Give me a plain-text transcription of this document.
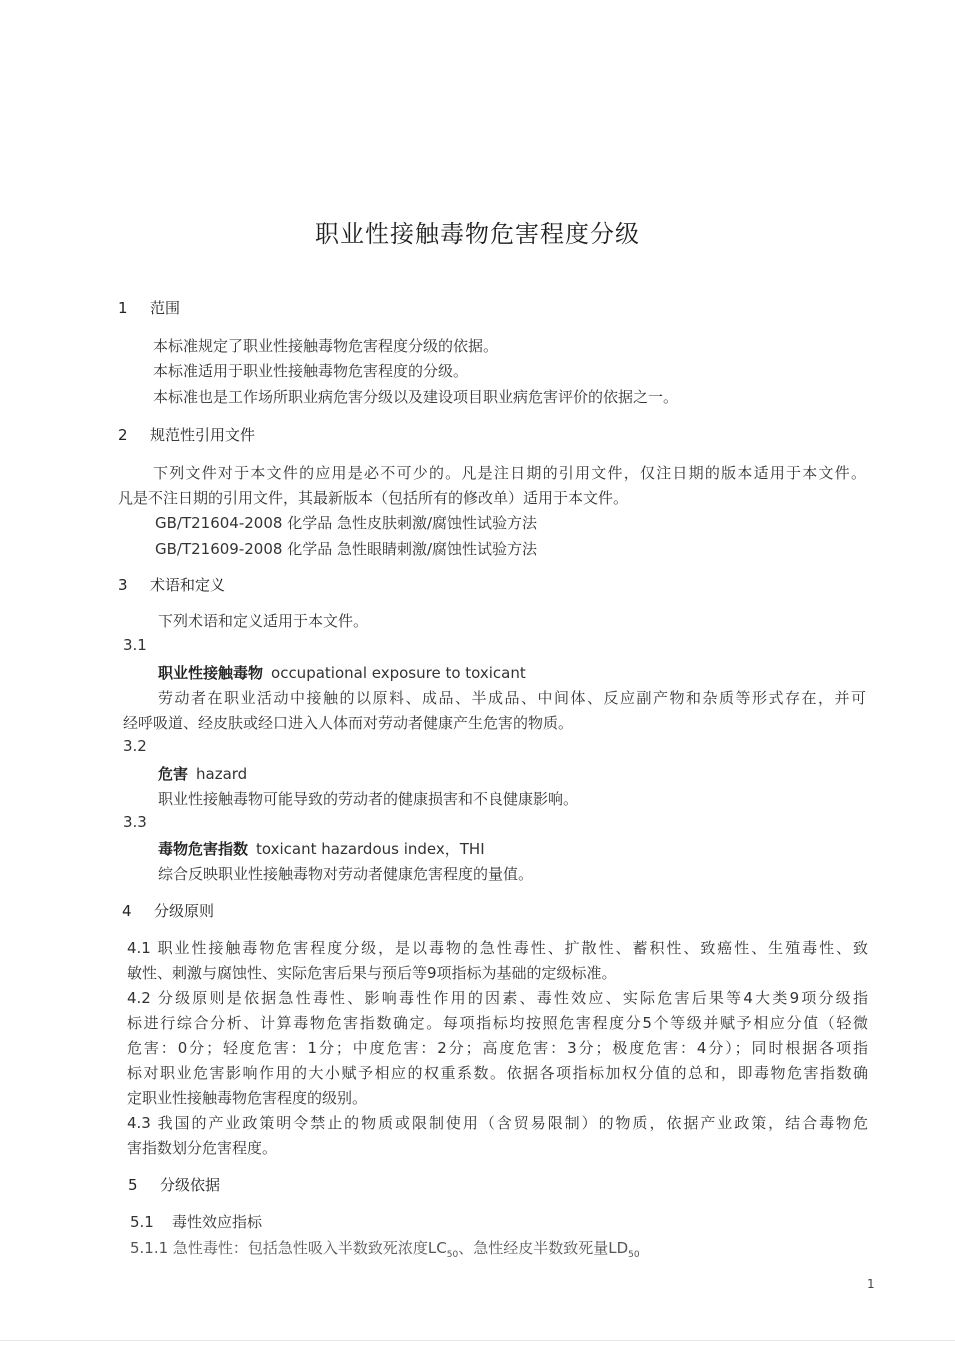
职业性接触毒物危害程度分级
1 范围
本标准规定了职业性接触毒物危害程度分级的依据。
本标准适用于职业性接触毒物危害程度的分级。
本标准也是工作场所职业病危害分级以及建设项目职业病危害评价的依据之一。
2 规范性引用文件
下列文件对于本文件的应用是必不可少的。凡是注日期的引用文件，仅注日期的版本适用于本文件。
凡是不注日期的引用文件，其最新版本（包括所有的修改单）适用于本文件。
GB/T21604-2008 化学品 急性皮肤刺激/腐蚀性试验方法
GB/T21609-2008 化学品 急性眼睛刺激/腐蚀性试验方法
3 术语和定义
下列术语和定义适用于本文件。
3.1
职业性接触毒物 occupational exposure to toxicant
劳动者在职业活动中接触的以原料、成品、半成品、中间体、反应副产物和杂质等形式存在，并可
经呼吸道、经皮肤或经口进入人体而对劳动者健康产生危害的物质。
3.2
危害 hazard
职业性接触毒物可能导致的劳动者的健康损害和不良健康影响。
3.3
毒物危害指数 toxicant hazardous index，THI
综合反映职业性接触毒物对劳动者健康危害程度的量值。
4 分级原则
4.1 职业性接触毒物危害程度分级，是以毒物的急性毒性、扩散性、蓄积性、致癌性、生殖毒性、致
敏性、刺激与腐蚀性、实际危害后果与预后等9项指标为基础的定级标准。
4.2 分级原则是依据急性毒性、影响毒性作用的因素、毒性效应、实际危害后果等4大类9项分级指
标进行综合分析、计算毒物危害指数确定。每项指标均按照危害程度分5个等级并赋予相应分值（轻微
危害：0分；轻度危害：1分；中度危害：2分；高度危害：3分；极度危害：4分）；同时根据各项指
标对职业危害影响作用的大小赋予相应的权重系数。依据各项指标加权分值的总和，即毒物危害指数确
定职业性接触毒物危害程度的级别。
4.3 我国的产业政策明令禁止的物质或限制使用（含贸易限制）的物质，依据产业政策，结合毒物危
害指数划分危害程度。
5 分级依据
5.1 毒性效应指标
5.1.1 急性毒性：包括急性吸入半数致死浓度$LC_{50}$、急性经皮半数致死量$LD_{50}$
1
